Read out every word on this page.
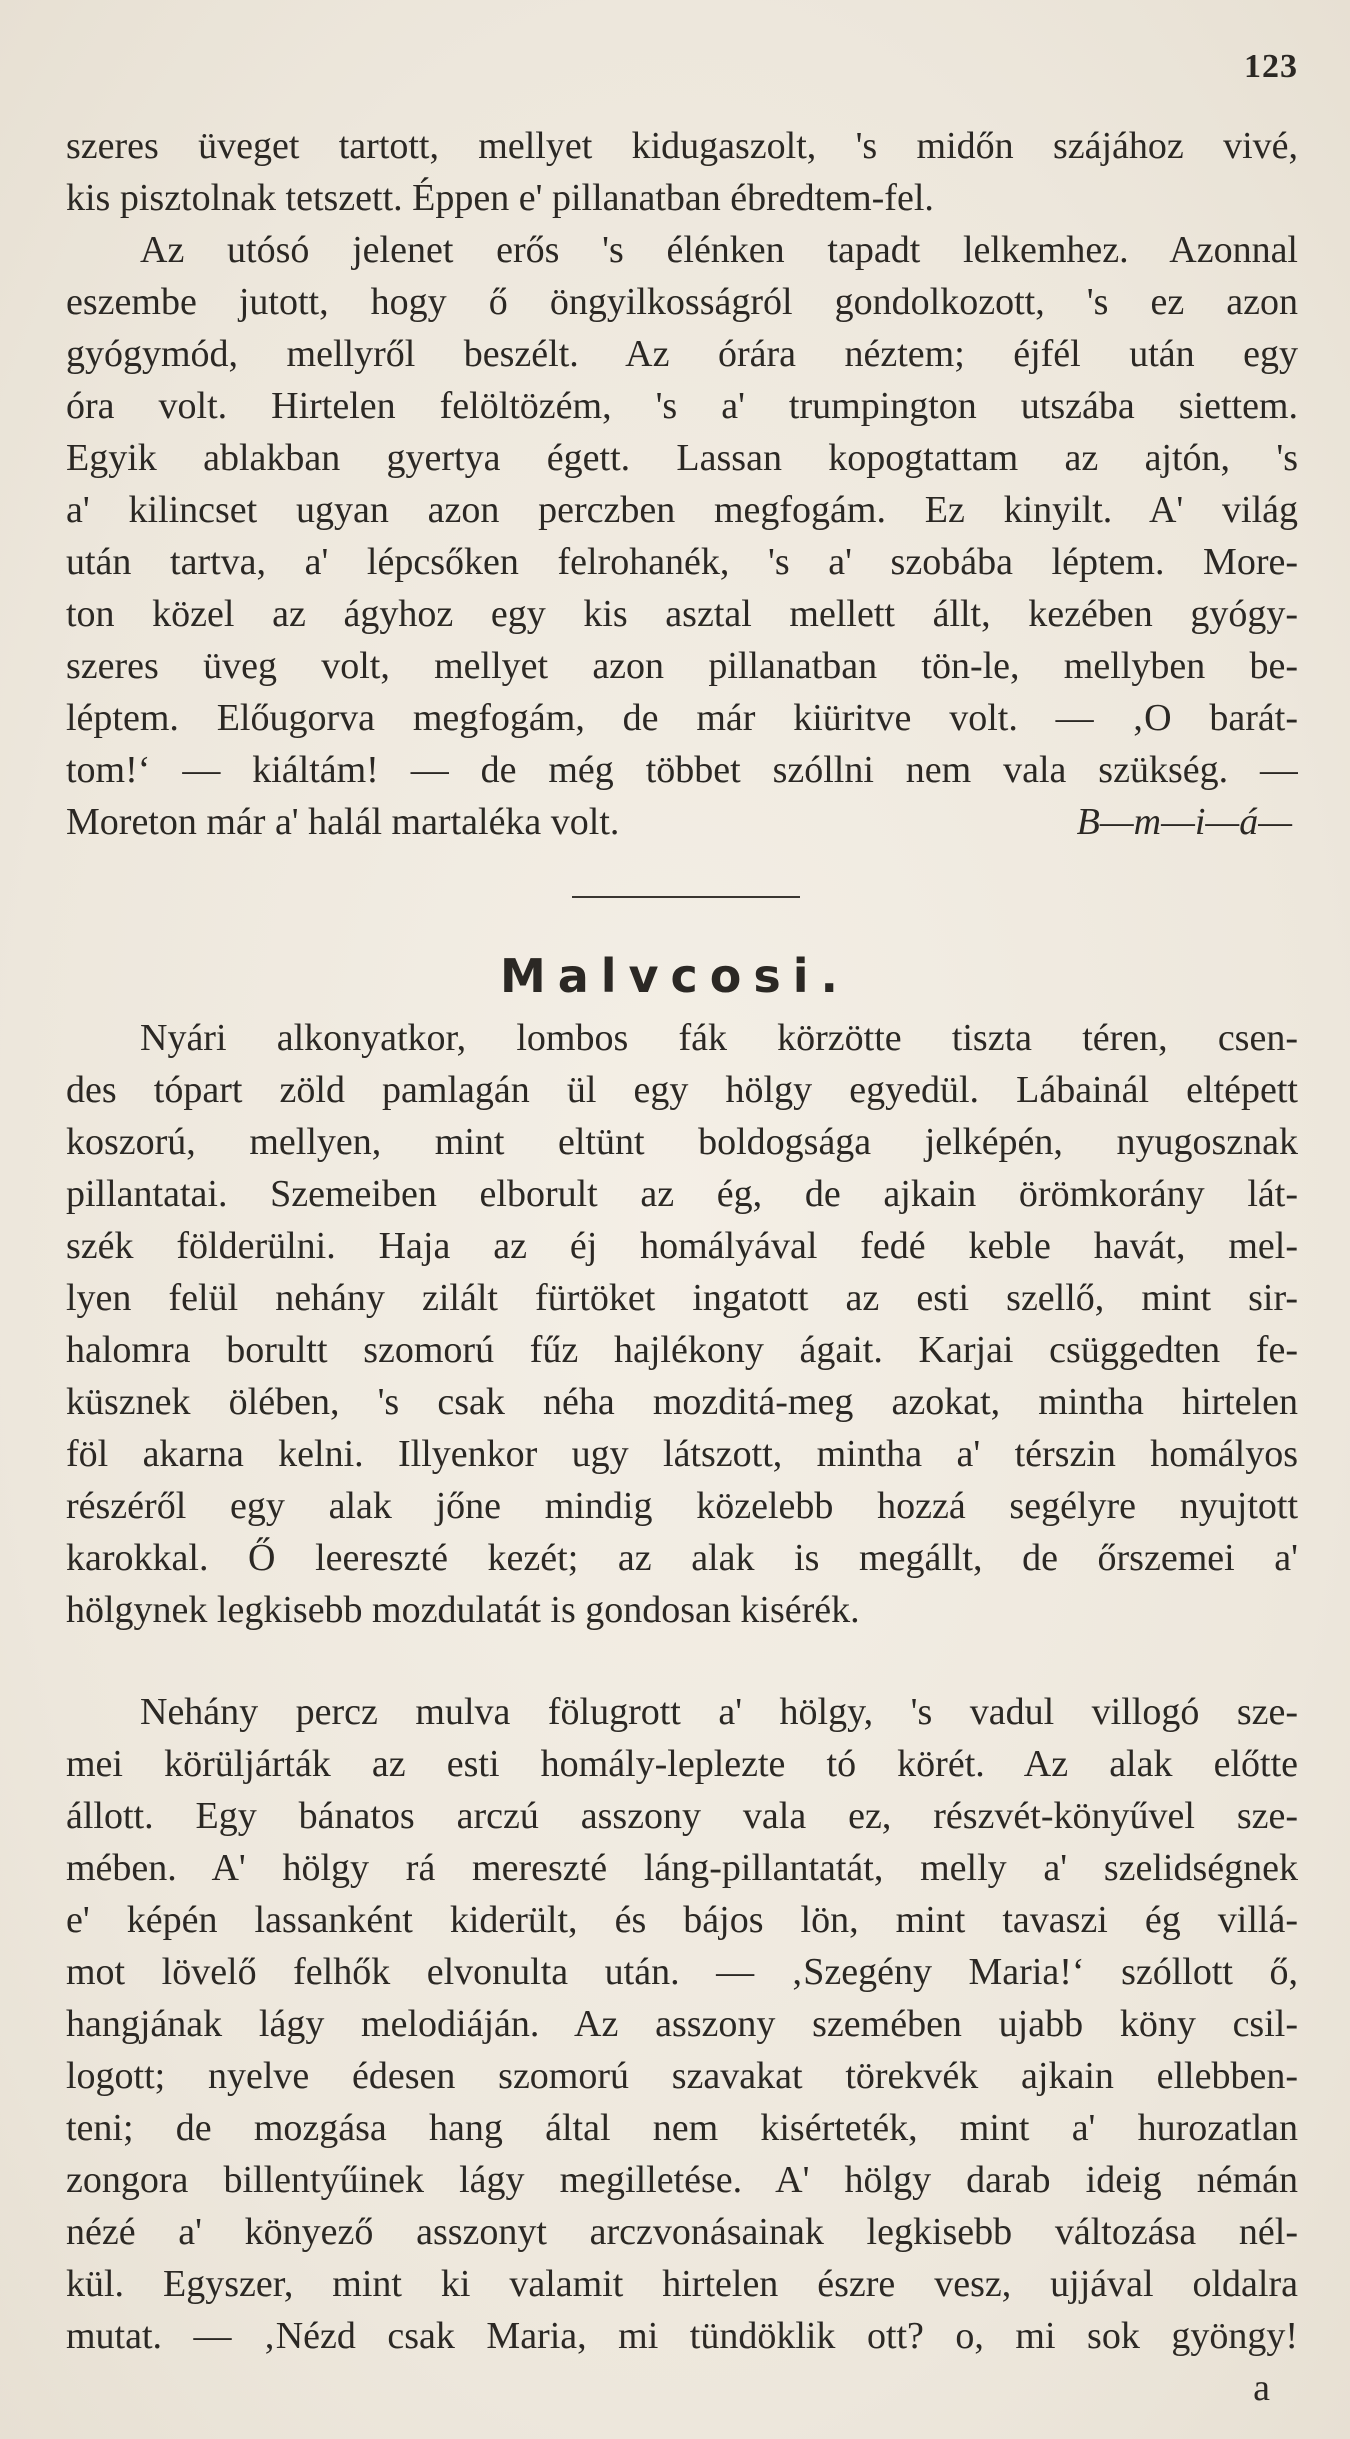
123
szeres üveget tartott, mellyet kidugaszolt, 's midőn szájához vivé,
kis pisztolnak tetszett. Éppen e' pillanatban ébredtem-fel.
Az utósó jelenet erős 's élénken tapadt lelkemhez. Azonnal
eszembe jutott, hogy ő öngyilkosságról gondolkozott, 's ez azon
gyógymód, mellyről beszélt. Az órára néztem; éjfél után egy
óra volt. Hirtelen felöltözém, 's a' trumpington utszába siettem.
Egyik ablakban gyertya égett. Lassan kopogtattam az ajtón, 's
a' kilincset ugyan azon perczben megfogám. Ez kinyilt. A' világ
után tartva, a' lépcsőken felrohanék, 's a' szobába léptem. More-
ton közel az ágyhoz egy kis asztal mellett állt, kezében gyógy-
szeres üveg volt, mellyet azon pillanatban tön-le, mellyben be-
léptem. Előugorva megfogám, de már kiüritve volt. — ‚O barát-
tom!‘ — kiáltám! — de még többet szóllni nem vala szükség. —
Moreton már a' halál martaléka volt.	B—m—i—á—
Malvcosi.
Nyári alkonyatkor, lombos fák körzötte tiszta téren, csen-
des tópart zöld pamlagán ül egy hölgy egyedül. Lábainál eltépett
koszorú, mellyen, mint eltünt boldogsága jelképén, nyugosznak
pillantatai. Szemeiben elborult az ég, de ajkain örömkorány lát-
szék földerülni. Haja az éj homályával fedé keble havát, mel-
lyen felül nehány zilált fürtöket ingatott az esti szellő, mint sir-
halomra borultt szomorú fűz hajlékony ágait. Karjai csüggedten fe-
küsznek ölében, 's csak néha mozditá-meg azokat, mintha hirtelen
föl akarna kelni. Illyenkor ugy látszott, mintha a' térszin homályos
részéről egy alak jőne mindig közelebb hozzá segélyre nyujtott
karokkal. Ő leereszté kezét; az alak is megállt, de őrszemei a'
hölgynek legkisebb mozdulatát is gondosan kisérék.
Nehány percz mulva fölugrott a' hölgy, 's vadul villogó sze-
mei körüljárták az esti homály-leplezte tó körét. Az alak előtte
állott. Egy bánatos arczú asszony vala ez, részvét-könyűvel sze-
mében. A' hölgy rá mereszté láng-pillantatát, melly a' szelidségnek
e' képén lassanként kiderült, és bájos lön, mint tavaszi ég villá-
mot lövelő felhők elvonulta után. — ‚Szegény Maria!‘ szóllott ő,
hangjának lágy melodiáján. Az asszony szemében ujabb köny csil-
logott; nyelve édesen szomorú szavakat törekvék ajkain ellebben-
teni; de mozgása hang által nem kisérteték, mint a' hurozatlan
zongora billentyűinek lágy megilletése. A' hölgy darab ideig némán
nézé a' könyező asszonyt arczvonásainak legkisebb változása nél-
kül. Egyszer, mint ki valamit hirtelen észre vesz, ujjával oldalra
mutat. — ‚Nézd csak Maria, mi tündöklik ott? o, mi sok gyöngy!
a
